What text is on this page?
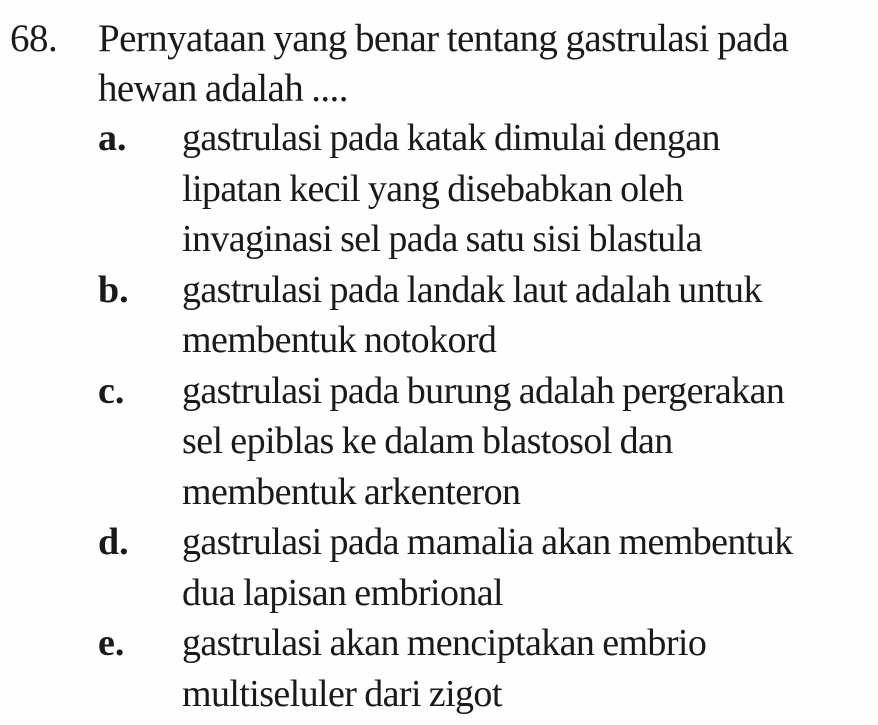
68. Pernyataan yang benar tentang gastrulasi pada
hewan adalah ....
a. gastrulasi pada katak dimulai dengan
lipatan kecil yang disebabkan oleh
invaginasi sel pada satu sisi blastula
b. gastrulasi pada landak laut adalah untuk
membentuk notokord
c. gastrulasi pada burung adalah pergerakan
sel epiblas ke dalam blastosol dan
membentuk arkenteron
d. gastrulasi pada mamalia akan membentuk
dua lapisan embrional
e. gastrulasi akan menciptakan embrio
multiseluler dari zigot
